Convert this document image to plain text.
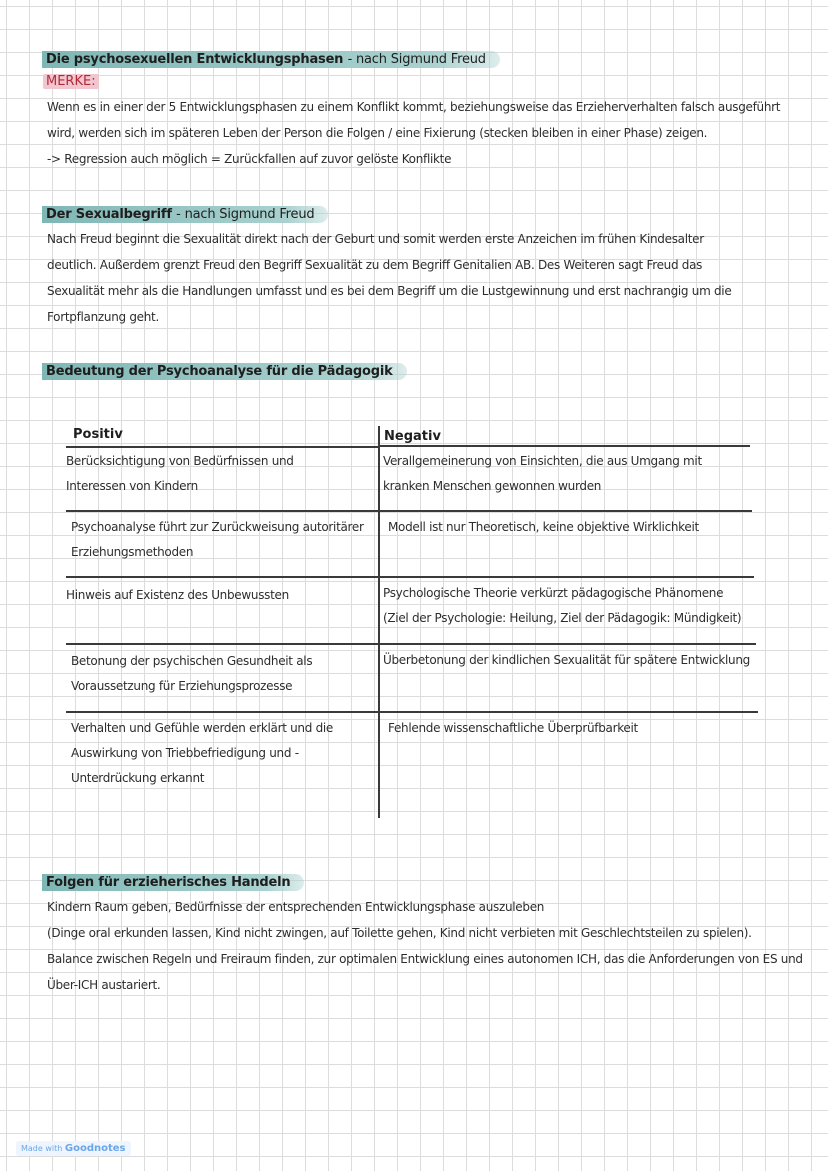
Die psychosexuellen Entwicklungsphasen - nach Sigmund Freud
MERKE:
Wenn es in einer der 5 Entwicklungsphasen zu einem Konflikt kommt, beziehungsweise das Erzieherverhalten falsch ausgeführt
wird, werden sich im späteren Leben der Person die Folgen / eine Fixierung (stecken bleiben in einer Phase) zeigen.
-> Regression auch möglich = Zurückfallen auf zuvor gelöste Konflikte
Der Sexualbegriff - nach Sigmund Freud
Nach Freud beginnt die Sexualität direkt nach der Geburt und somit werden erste Anzeichen im frühen Kindesalter
deutlich. Außerdem grenzt Freud den Begriff Sexualität zu dem Begriff Genitalien AB. Des Weiteren sagt Freud das
Sexualität mehr als die Handlungen umfasst und es bei dem Begriff um die Lustgewinnung und erst nachrangig um die
Fortpflanzung geht.
Bedeutung der Psychoanalyse für die Pädagogik
Positiv	Negativ
Berücksichtigung von Bedürfnissen und
Interessen von Kindern
Verallgemeinerung von Einsichten, die aus Umgang mit
kranken Menschen gewonnen wurden
Psychoanalyse führt zur Zurückweisung autoritärer
Erziehungsmethoden
Modell ist nur Theoretisch, keine objektive Wirklichkeit
Hinweis auf Existenz des Unbewussten	Psychologische Theorie verkürzt pädagogische Phänomene
(Ziel der Psychologie: Heilung, Ziel der Pädagogik: Mündigkeit)
Betonung der psychischen Gesundheit als
Voraussetzung für Erziehungsprozesse
Überbetonung der kindlichen Sexualität für spätere Entwicklung
Verhalten und Gefühle werden erklärt und die
Auswirkung von Triebbefriedigung und -
Unterdrückung erkannt
Fehlende wissenschaftliche Überprüfbarkeit
Folgen für erzieherisches Handeln
Kindern Raum geben, Bedürfnisse der entsprechenden Entwicklungsphase auszuleben
(Dinge oral erkunden lassen, Kind nicht zwingen, auf Toilette gehen, Kind nicht verbieten mit Geschlechtsteilen zu spielen).
Balance zwischen Regeln und Freiraum finden, zur optimalen Entwicklung eines autonomen ICH, das die Anforderungen von ES und
Über-ICH austariert.
Made with Goodnotes
